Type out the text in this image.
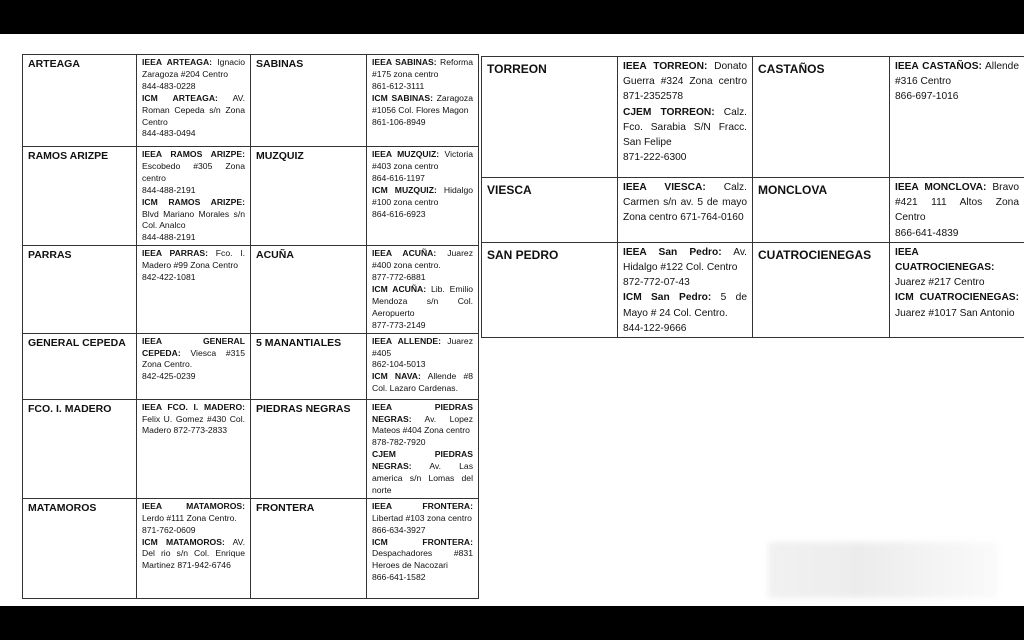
ARTEAGA	IEEA ARTEAGA: Ignacio Zaragoza #204 Centro
844-483-0228
ICM ARTEAGA: AV. Roman Cepeda s/n Zona Centro
844-483-0494	SABINAS	IEEA SABINAS: Reforma #175 zona centro
861-612-3111
ICM SABINAS: Zaragoza #1056 Col. Flores Magon
861-106-8949

RAMOS ARIZPE	IEEA RAMOS ARIZPE: Escobedo #305 Zona centro
844-488-2191
ICM RAMOS ARIZPE: Blvd Mariano Morales s/n Col. Analco
844-488-2191	MUZQUIZ	IEEA MUZQUIZ: Victoria #403 zona centro
864-616-1197
ICM MUZQUIZ: Hidalgo #100 zona centro
864-616-6923

PARRAS	IEEA PARRAS: Fco. I. Madero #99 Zona Centro
842-422-1081	ACUÑA	IEEA ACUÑA: Juarez #400 zona centro.
877-772-6881
ICM ACUÑA: Lib. Emilio Mendoza s/n Col. Aeropuerto
877-773-2149

GENERAL CEPEDA	IEEA GENERAL CEPEDA: Viesca #315 Zona Centro.
842-425-0239	5 MANANTIALES	IEEA ALLENDE: Juarez #405
862-104-5013
ICM NAVA: Allende #8 Col. Lazaro Cardenas.

FCO. I. MADERO	IEEA FCO. I. MADERO: Felix U. Gomez #430 Col. Madero 872-773-2833	PIEDRAS NEGRAS	IEEA PIEDRAS NEGRAS: Av. Lopez Mateos #404 Zona centro
878-782-7920
CJEM PIEDRAS NEGRAS: Av. Las america s/n Lomas del norte

MATAMOROS	IEEA MATAMOROS: Lerdo #111 Zona Centro.
871-762-0609
ICM MATAMOROS: AV. Del rio s/n Col. Enrique Martinez 871-942-6746	FRONTERA	IEEA FRONTERA: Libertad #103 zona centro
866-634-3927
ICM FRONTERA: Despachadores #831 Heroes de Nacozari
866-641-1582
TORREON	IEEA TORREON: Donato Guerra #324 Zona centro 871-2352578
CJEM TORREON: Calz. Fco. Sarabia S/N Fracc. San Felipe
871-222-6300	CASTAÑOS	IEEA CASTAÑOS: Allende #316 Centro
866-697-1016

VIESCA	IEEA VIESCA: Calz. Carmen s/n av. 5 de mayo Zona centro 671-764-0160	MONCLOVA	IEEA MONCLOVA: Bravo #421 111 Altos Zona Centro
866-641-4839

SAN PEDRO	IEEA San Pedro: Av. Hidalgo #122 Col. Centro
872-772-07-43
ICM San Pedro: 5 de Mayo # 24 Col. Centro.
844-122-9666	CUATROCIENEGAS	IEEA CUATROCIENEGAS: Juarez #217 Centro
ICM CUATROCIENEGAS: Juarez #1017 San Antonio
